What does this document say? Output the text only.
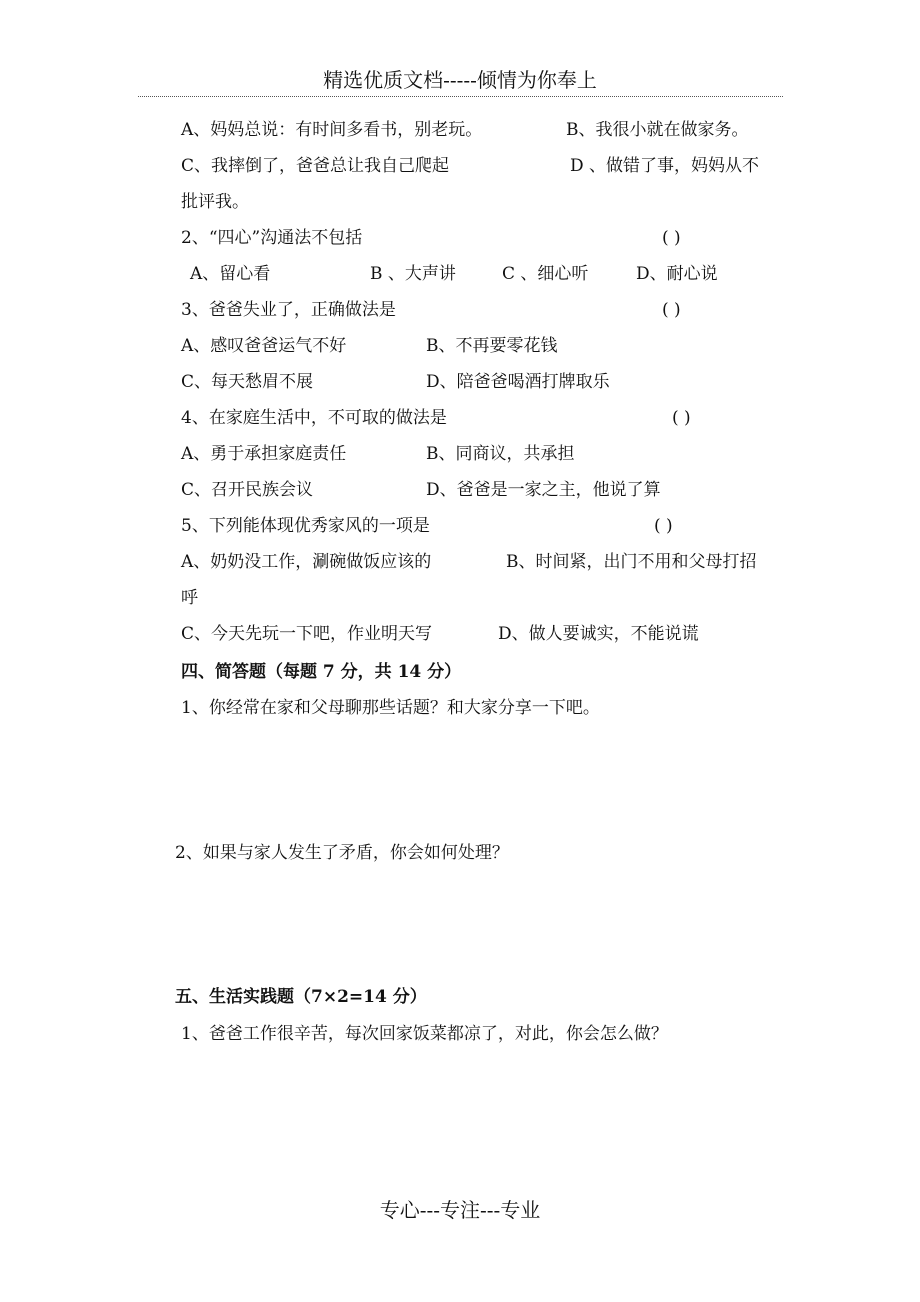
精选优质文档-----倾情为你奉上
A、妈妈总说：有时间多看书，别老玩。	B、我很小就在做家务。
C、我摔倒了，爸爸总让我自己爬起	D 、做错了事，妈妈从不
批评我。
2、“四心”沟通法不包括	( )
A、留心看	B 、大声讲	C 、细心听	D、耐心说
3、爸爸失业了，正确做法是	( )
A、感叹爸爸运气不好	B、不再要零花钱
C、每天愁眉不展	D、陪爸爸喝酒打牌取乐
4、在家庭生活中，不可取的做法是	( )
A、勇于承担家庭责任	B、同商议，共承担
C、召开民族会议	D、爸爸是一家之主，他说了算
5、下列能体现优秀家风的一项是	( )
A、奶奶没工作，涮碗做饭应该的	B、时间紧，出门不用和父母打招
呼
C、今天先玩一下吧，作业明天写	D、做人要诚实，不能说谎
四、简答题（每题 7 分，共 14 分）
1、你经常在家和父母聊那些话题？和大家分享一下吧。
2、如果与家人发生了矛盾，你会如何处理？
五、生活实践题（7×2=14 分）
1、爸爸工作很辛苦，每次回家饭菜都凉了，对此，你会怎么做？
专心---专注---专业
